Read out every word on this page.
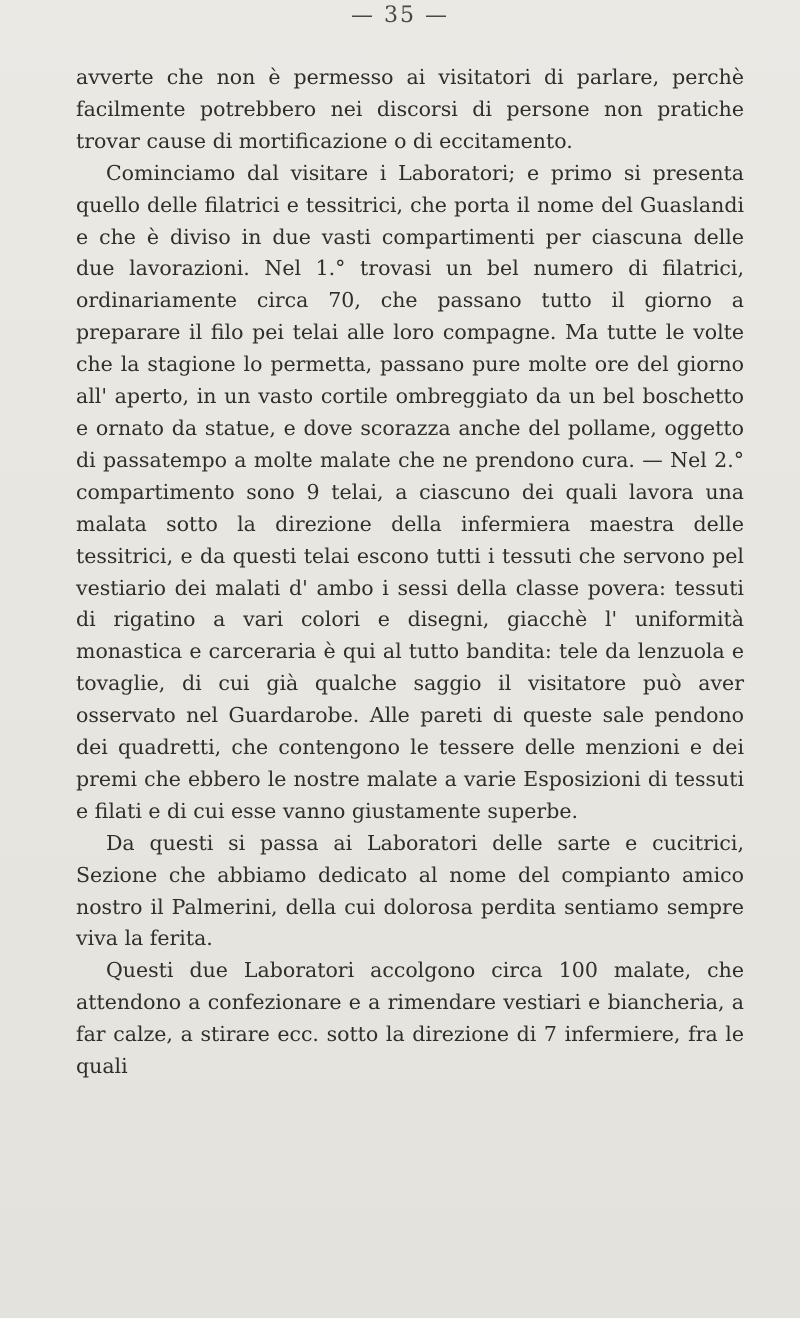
— 35 —

avverte che non è permesso ai visitatori di parlare, perchè facilmente potrebbero nei discorsi di persone non pratiche trovar cause di mortificazione o di eccitamento.

Cominciamo dal visitare i Laboratori; e primo si presenta quello delle filatrici e tessitrici, che porta il nome del Guaslandi e che è diviso in due vasti compartimenti per ciascuna delle due lavorazioni. Nel 1.° trovasi un bel numero di filatrici, ordinariamente circa 70, che passano tutto il giorno a preparare il filo pei telai alle loro compagne. Ma tutte le volte che la stagione lo permetta, passano pure molte ore del giorno all' aperto, in un vasto cortile ombreggiato da un bel boschetto e ornato da statue, e dove scorazza anche del pollame, oggetto di passatempo a molte malate che ne prendono cura. — Nel 2.° compartimento sono 9 telai, a ciascuno dei quali lavora una malata sotto la direzione della infermiera maestra delle tessitrici, e da questi telai escono tutti i tessuti che servono pel vestiario dei malati d' ambo i sessi della classe povera: tessuti di rigatino a vari colori e disegni, giacchè l' uniformità monastica e carceraria è qui al tutto bandita: tele da lenzuola e tovaglie, di cui già qualche saggio il visitatore può aver osservato nel Guardarobe. Alle pareti di queste sale pendono dei quadretti, che contengono le tessere delle menzioni e dei premi che ebbero le nostre malate a varie Esposizioni di tessuti e filati e di cui esse vanno giustamente superbe.

Da questi si passa ai Laboratori delle sarte e cucitrici, Sezione che abbiamo dedicato al nome del compianto amico nostro il Palmerini, della cui dolorosa perdita sentiamo sempre viva la ferita.

Questi due Laboratori accolgono circa 100 malate, che attendono a confezionare e a rimendare vestiari e biancheria, a far calze, a stirare ecc. sotto la direzione di 7 infermiere, fra le quali
